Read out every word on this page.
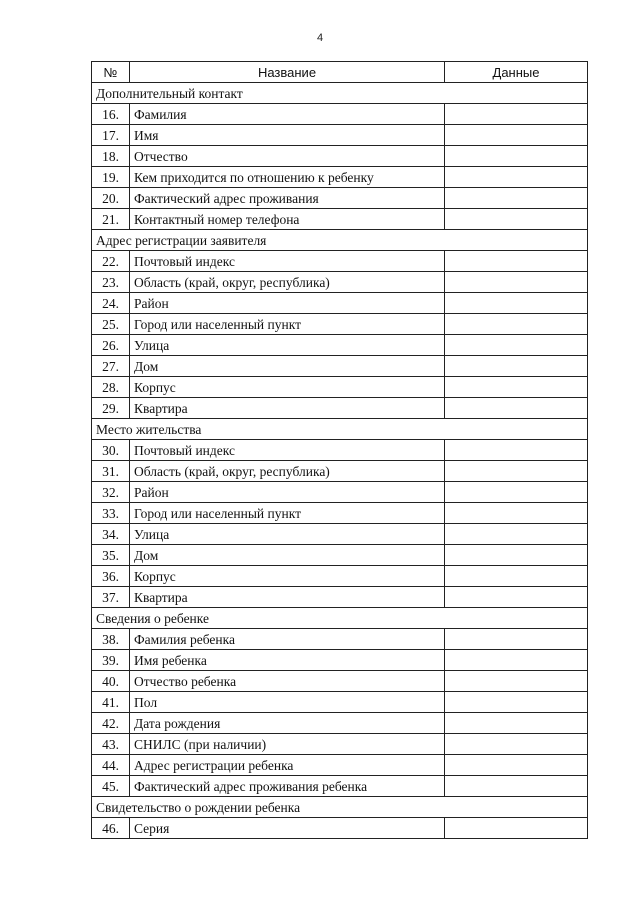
4
№	Название	Данные
Дополнительный контакт		
16.	Фамилия	
17.	Имя	
18.	Отчество	
19.	Кем приходится по отношению к ребенку	
20.	Фактический адрес проживания	
21.	Контактный номер телефона	
Адрес регистрации заявителя		
22.	Почтовый индекс	
23.	Область (край, округ, республика)	
24.	Район	
25.	Город или населенный пункт	
26.	Улица	
27.	Дом	
28.	Корпус	
29.	Квартира	
Место жительства		
30.	Почтовый индекс	
31.	Область (край, округ, республика)	
32.	Район	
33.	Город или населенный пункт	
34.	Улица	
35.	Дом	
36.	Корпус	
37.	Квартира	
Сведения о ребенке		
38.	Фамилия ребенка	
39.	Имя ребенка	
40.	Отчество ребенка	
41.	Пол	
42.	Дата рождения	
43.	СНИЛС (при наличии)	
44.	Адрес регистрации ребенка	
45.	Фактический адрес проживания ребенка	
Свидетельство о рождении ребенка		
46.	Серия	
